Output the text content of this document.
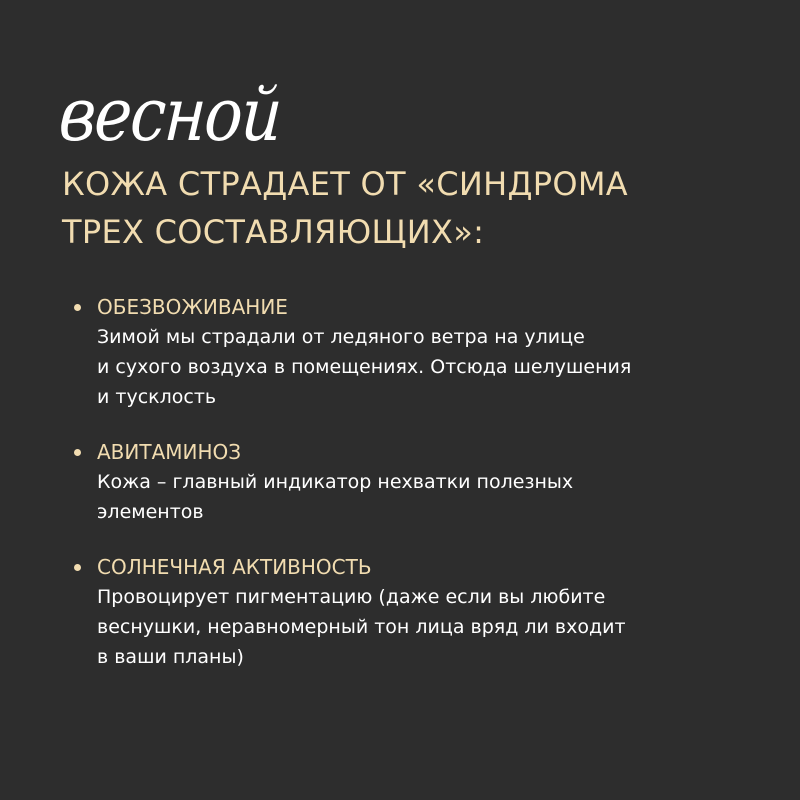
весной
КОЖА СТРАДАЕТ ОТ «СИНДРОМА
ТРЕХ СОСТАВЛЯЮЩИХ»:
ОБЕЗВОЖИВАНИЕ
Зимой мы страдали от ледяного ветра на улице
и сухого воздуха в помещениях. Отсюда шелушения
и тусклость
АВИТАМИНОЗ
Кожа – главный индикатор нехватки полезных
элементов
СОЛНЕЧНАЯ АКТИВНОСТЬ
Провоцирует пигментацию (даже если вы любите
веснушки, неравномерный тон лица вряд ли входит
в ваши планы)
